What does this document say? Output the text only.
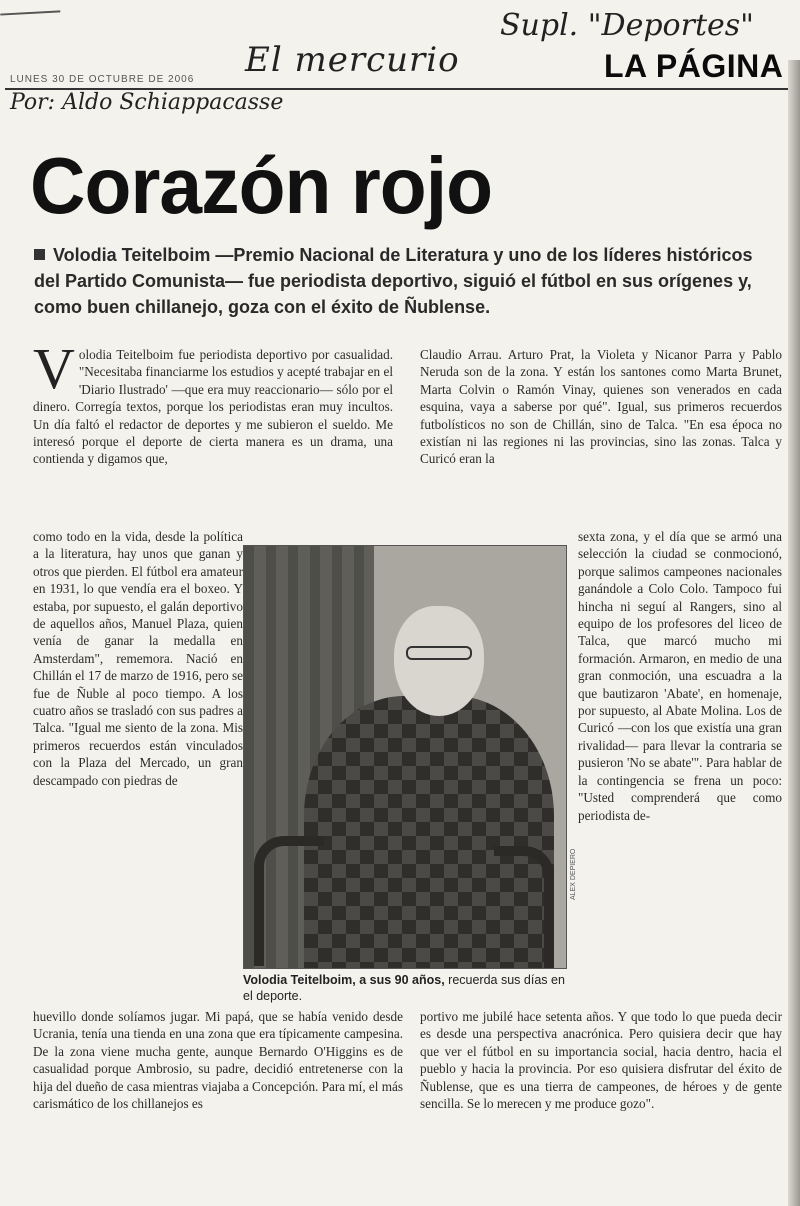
Supl. "Deportes"
El mercurio
Por: Aldo Schiappacasse
LUNES 30 DE OCTUBRE DE 2006	LA PÁGINA
Corazón rojo
Volodia Teitelboim —Premio Nacional de Literatura y uno de los líderes históricos del Partido Comunista— fue periodista deportivo, siguió el fútbol en sus orígenes y, como buen chillanejo, goza con el éxito de Ñublense.

Volodia Teitelboim fue periodista deportivo por casualidad. "Necesitaba financiarme los estudios y acepté trabajar en el 'Diario Ilustrado' —que era muy reaccionario— sólo por el dinero. Corregía textos, porque los periodistas eran muy incultos. Un día faltó el redactor de deportes y me subieron el sueldo. Me interesó porque el deporte de cierta manera es un drama, una contienda y digamos que,

como todo en la vida, desde la política a la literatura, hay unos que ganan y otros que pierden. El fútbol era amateur en 1931, lo que vendía era el boxeo. Y estaba, por supuesto, el galán deportivo de aquellos años, Manuel Plaza, quien venía de ganar la medalla en Amsterdam", rememora. Nació en Chillán el 17 de marzo de 1916, pero se fue de Ñuble al poco tiempo. A los cuatro años se trasladó con sus padres a Talca. "Igual me siento de la zona. Mis primeros recuerdos están vinculados con la Plaza del Mercado, un gran descampado con piedras de

huevillo donde solíamos jugar. Mi papá, que se había venido desde Ucrania, tenía una tienda en una zona que era típicamente campesina. De la zona viene mucha gente, aunque Bernardo O'Higgins es de casualidad porque Ambrosio, su padre, decidió entretenerse con la hija del dueño de casa mientras viajaba a Concepción. Para mí, el más carismático de los chillanejos es

Claudio Arrau. Arturo Prat, la Violeta y Nicanor Parra y Pablo Neruda son de la zona. Y están los santones como Marta Brunet, Marta Colvin o Ramón Vinay, quienes son venerados en cada esquina, vaya a saberse por qué". Igual, sus primeros recuerdos futbolísticos no son de Chillán, sino de Talca. "En esa época no existían ni las regiones ni las provincias, sino las zonas. Talca y Curicó eran la

sexta zona, y el día que se armó una selección la ciudad se conmocionó, porque salimos campeones nacionales ganándole a Colo Colo. Tampoco fui hincha ni seguí al Rangers, sino al equipo de los profesores del liceo de Talca, que marcó mucho mi formación. Armaron, en medio de una gran conmoción, una escuadra a la que bautizaron 'Abate', en homenaje, por supuesto, al Abate Molina. Los de Curicó —con los que existía una gran rivalidad— para llevar la contraria se pusieron 'No se abate'". Para hablar de la contingencia se frena un poco: "Usted comprenderá que como periodista de-

portivo me jubilé hace setenta años. Y que todo lo que pueda decir es desde una perspectiva anacrónica. Pero quisiera decir que hay que ver el fútbol en su importancia social, hacia dentro, hacia el pueblo y hacia la provincia. Por eso quisiera disfrutar del éxito de Ñublense, que es una tierra de campeones, de héroes y de gente sencilla. Se lo merecen y me produce gozo".

ALEX DEPIERO
Volodia Teitelboim, a sus 90 años, recuerda sus días en el deporte.
